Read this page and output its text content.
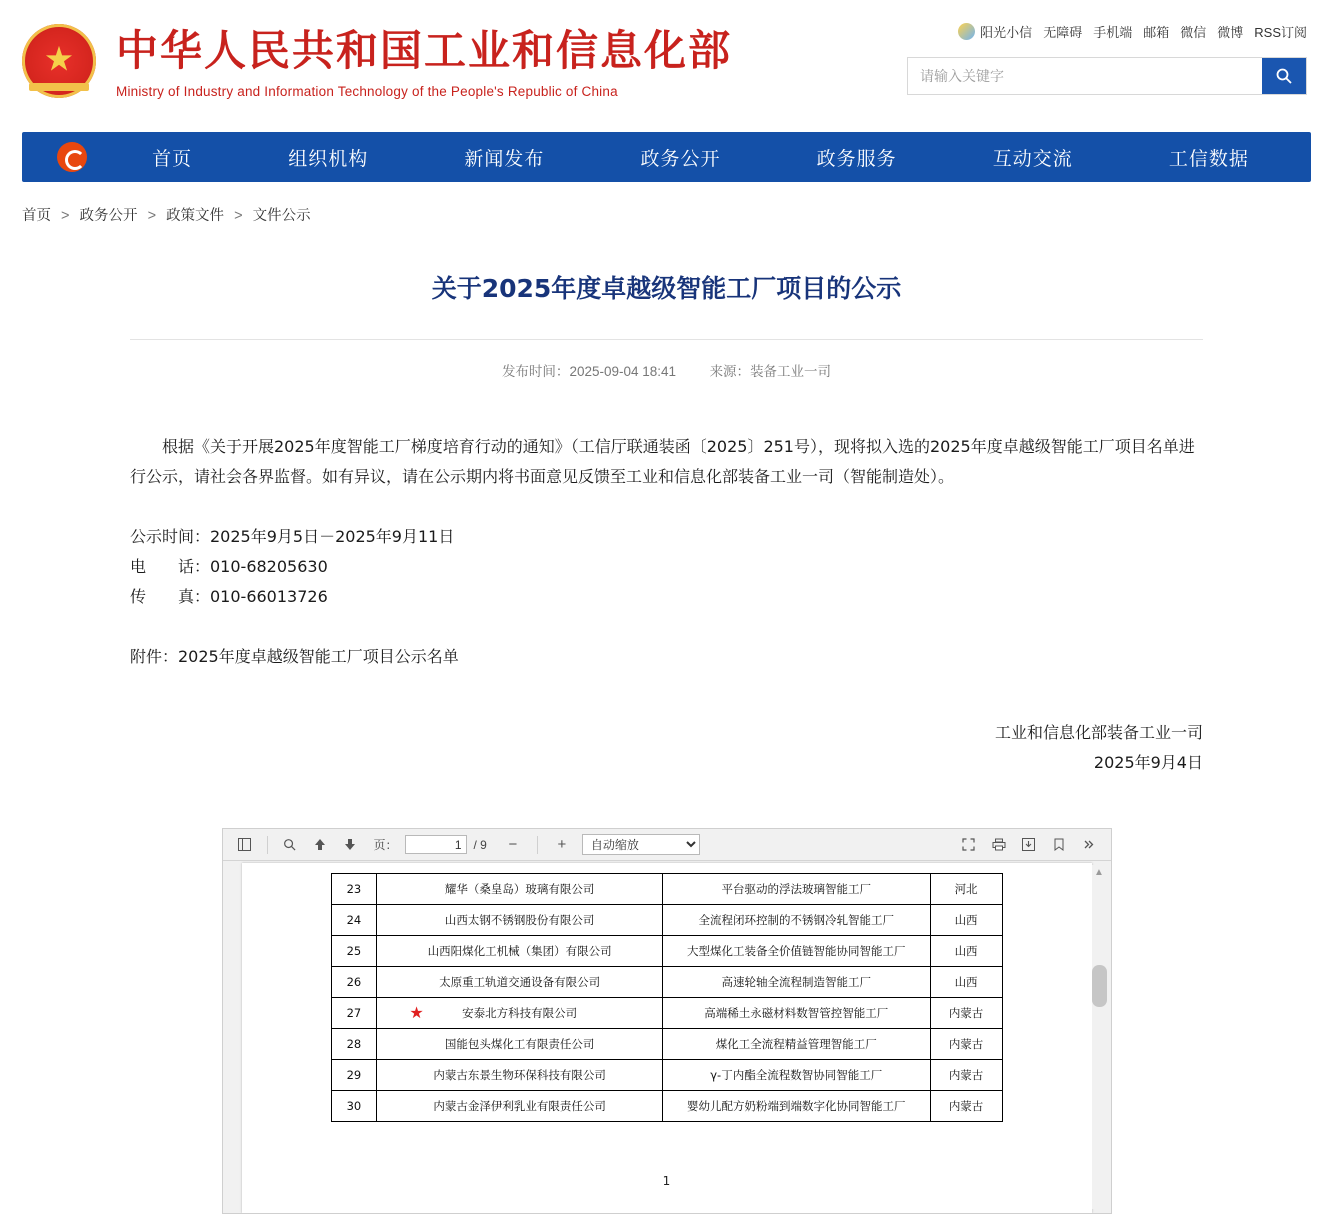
★
中华人民共和国工业和信息化部
Ministry of Industry and Information Technology of the People's Republic of China
阳光小信 无障碍 手机端 邮箱 微信 微博 RSS订阅
请输入关键字
首页	组织机构	新闻发布	政务公开	政务服务	互动交流	工信数据
首页 > 政务公开 > 政策文件 > 文件公示
关于2025年度卓越级智能工厂项目的公示
发布时间：2025-09-04 18:41 来源：装备工业一司

根据《关于开展2025年度智能工厂梯度培育行动的通知》（工信厅联通装函〔2025〕251号），现将拟入选的2025年度卓越级智能工厂项目名单进行公示，请社会各界监督。如有异议，请在公示期内将书面意见反馈至工业和信息化部装备工业一司（智能制造处）。

公示时间：2025年9月5日－2025年9月11日

电　　话：010-68205630

传　　真：010-66013726

附件：2025年度卓越级智能工厂项目公示名单

工业和信息化部装备工业一司
2025年9月4日
页：
1	/ 9 −	+
自动缩放
23	耀华（桑皇岛）玻璃有限公司	平台驱动的浮法玻璃智能工厂	河北
24	山西太钢不锈钢股份有限公司	全流程闭环控制的不锈钢冷轧智能工厂	山西
25	山西阳煤化工机械（集团）有限公司	大型煤化工装备全价值链智能协同智能工厂	山西
26	太原重工轨道交通设备有限公司	高速轮轴全流程制造智能工厂	山西
27	★ 安泰北方科技有限公司	高端稀土永磁材料数智管控智能工厂	内蒙古
28	国能包头煤化工有限责任公司	煤化工全流程精益管理智能工厂	内蒙古
29	内蒙古东景生物环保科技有限公司	γ-丁内酯全流程数智协同智能工厂	内蒙古
30	内蒙古金泽伊利乳业有限责任公司	婴幼儿配方奶粉端到端数字化协同智能工厂	内蒙古
1
▲
